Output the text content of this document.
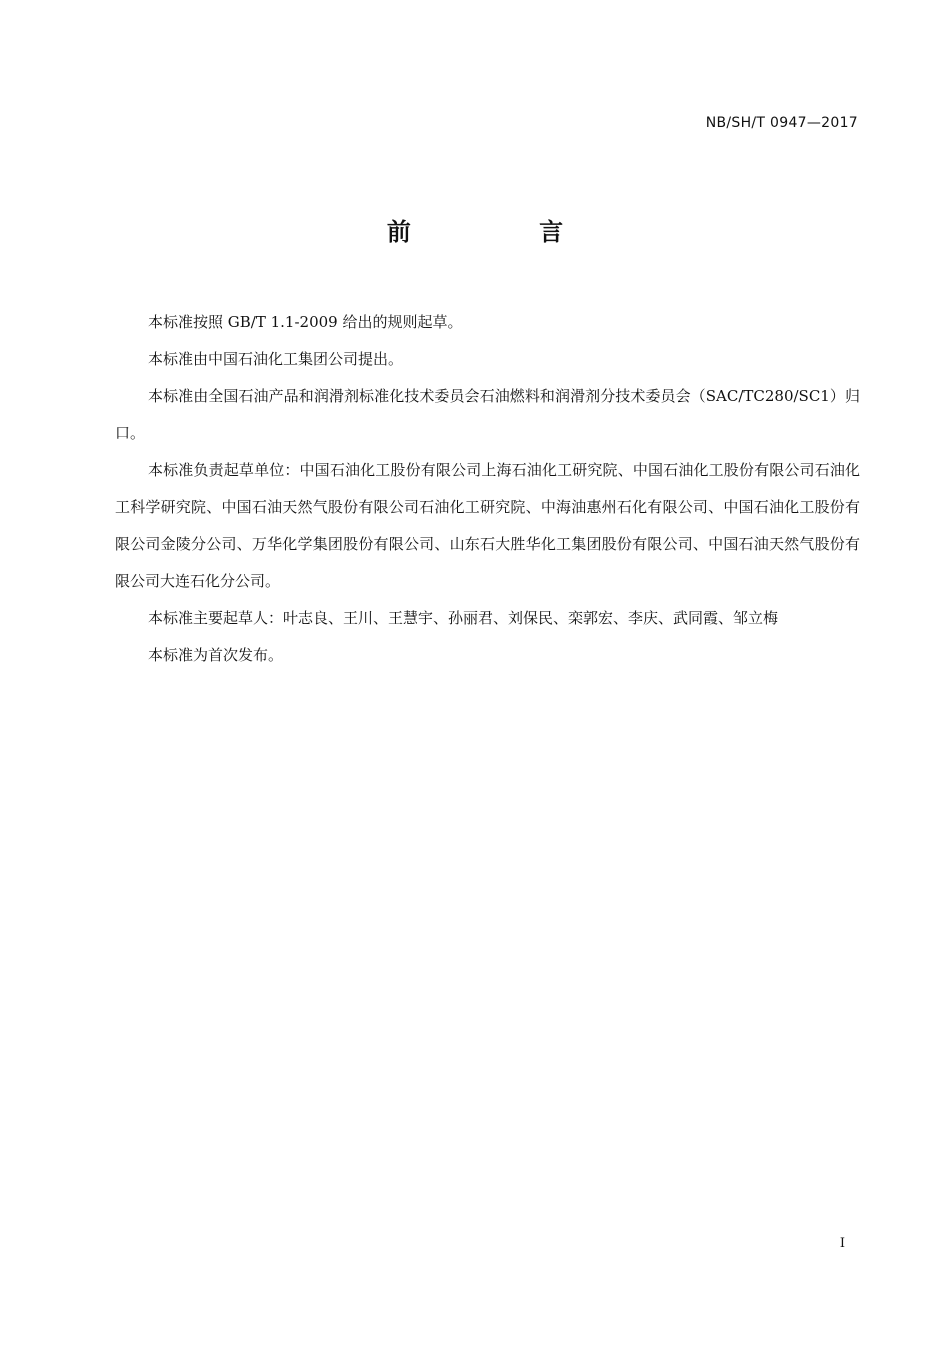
NB/SH/T 0947—2017
前 言

本标准按照 GB/T 1.1-2009 给出的规则起草。

本标准由中国石油化工集团公司提出。

本标准由全国石油产品和润滑剂标准化技术委员会石油燃料和润滑剂分技术委员会（SAC/TC280/SC1）归口。

本标准负责起草单位：中国石油化工股份有限公司上海石油化工研究院、中国石油化工股份有限公司石油化工科学研究院、中国石油天然气股份有限公司石油化工研究院、中海油惠州石化有限公司、中国石油化工股份有限公司金陵分公司、万华化学集团股份有限公司、山东石大胜华化工集团股份有限公司、中国石油天然气股份有限公司大连石化分公司。

本标准主要起草人：叶志良、王川、王慧宇、孙丽君、刘保民、栾郭宏、李庆、武同霞、邹立梅

本标准为首次发布。

I
